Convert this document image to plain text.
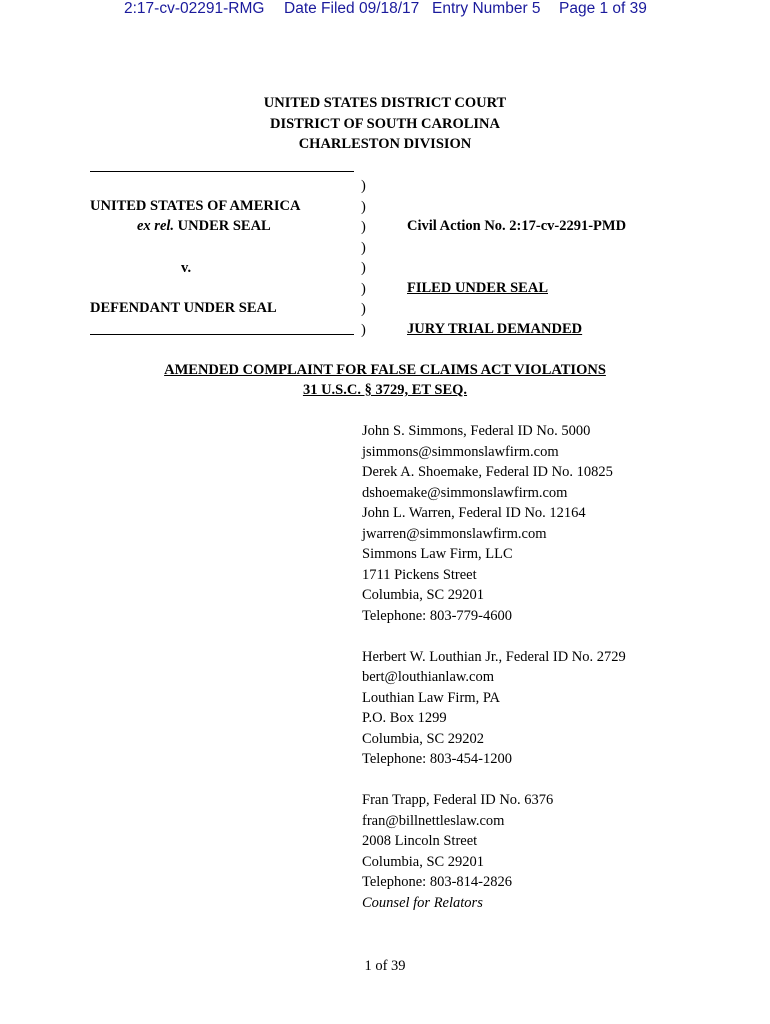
2:17-cv-02291-RMG Date Filed 09/18/17 Entry Number 5 Page 1 of 39
UNITED STATES DISTRICT COURT
DISTRICT OF SOUTH CAROLINA
CHARLESTON DIVISION
UNITED STATES OF AMERICA
ex rel. UNDER SEAL
v.
DEFENDANT UNDER SEAL
)
)
)
)
)
)
)
)
Civil Action No. 2:17-cv-2291-PMD
FILED UNDER SEAL
JURY TRIAL DEMANDED
AMENDED COMPLAINT FOR FALSE CLAIMS ACT VIOLATIONS
31 U.S.C. § 3729, ET SEQ.
John S. Simmons, Federal ID No. 5000
jsimmons@simmonslawfirm.com
Derek A. Shoemake, Federal ID No. 10825
dshoemake@simmonslawfirm.com
John L. Warren, Federal ID No. 12164
jwarren@simmonslawfirm.com
Simmons Law Firm, LLC
1711 Pickens Street
Columbia, SC 29201
Telephone: 803-779-4600
Herbert W. Louthian Jr., Federal ID No. 2729
bert@louthianlaw.com
Louthian Law Firm, PA
P.O. Box 1299
Columbia, SC 29202
Telephone: 803-454-1200
Fran Trapp, Federal ID No. 6376
fran@billnettleslaw.com
2008 Lincoln Street
Columbia, SC 29201
Telephone: 803-814-2826
Counsel for Relators
1 of 39
